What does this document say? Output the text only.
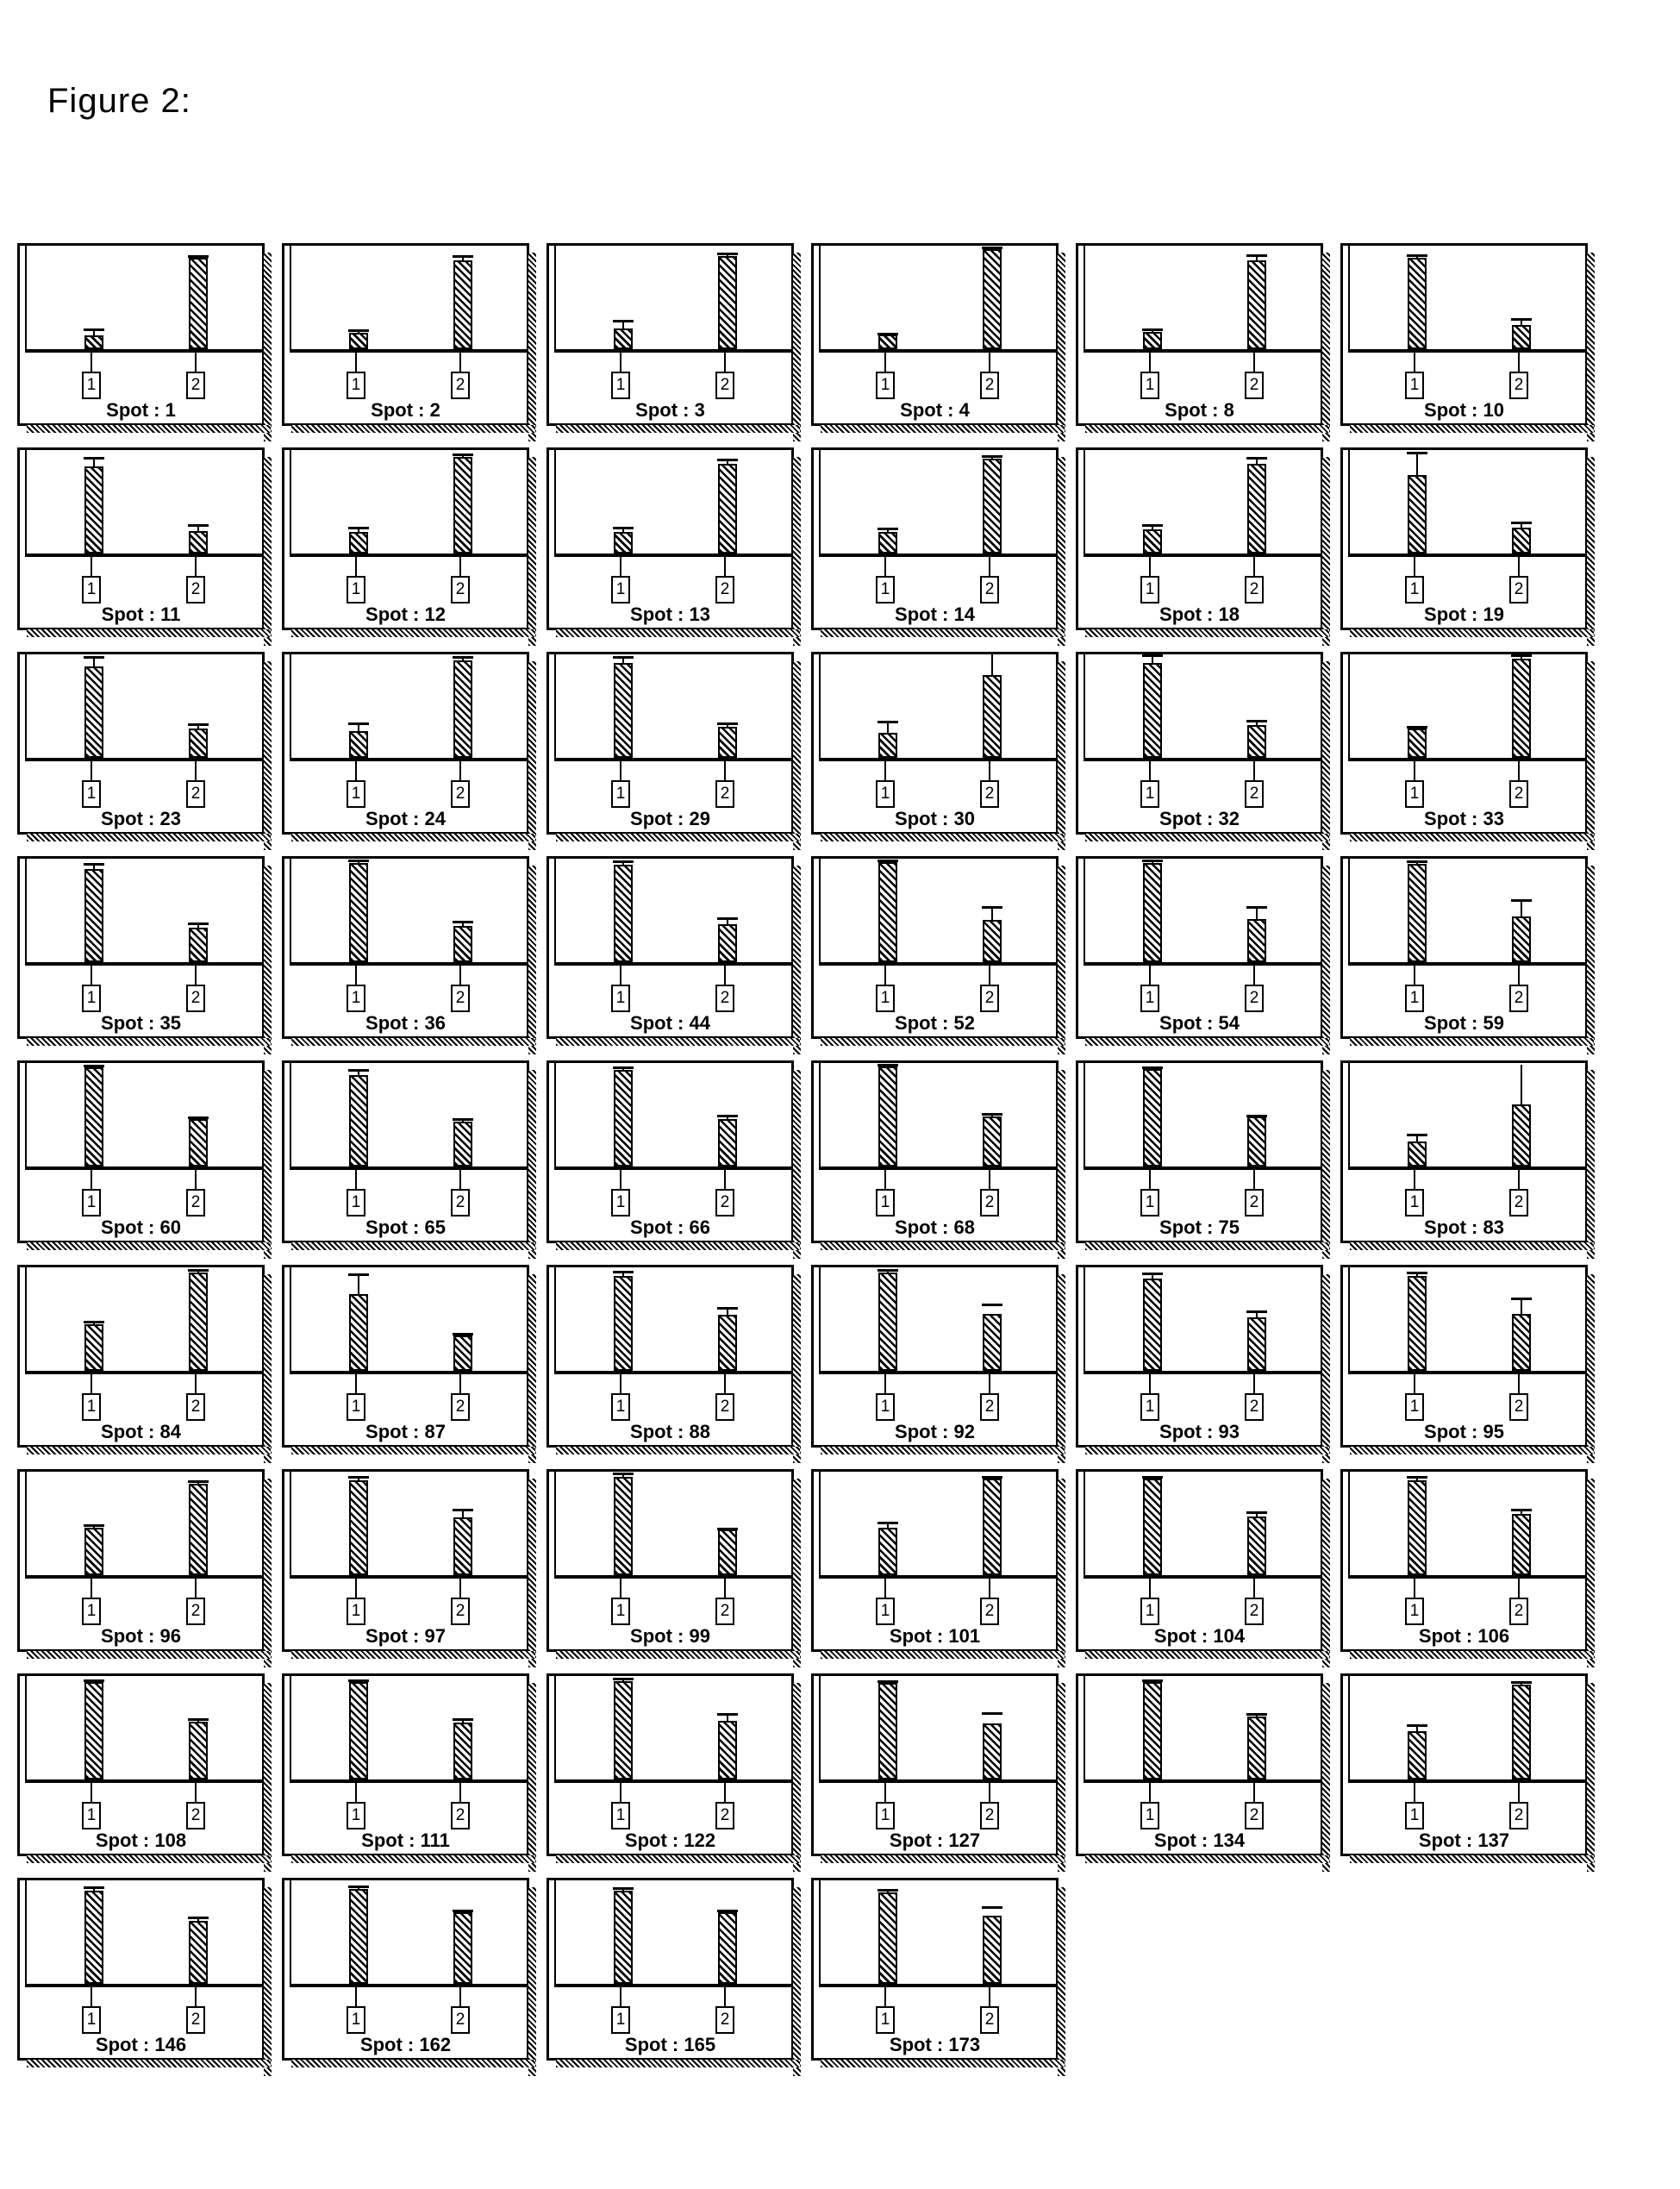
Figure 2:
1	2
Spot : 1
1	2
Spot : 2
1	2
Spot : 3
1	2
Spot : 4
1	2
Spot : 8
1	2
Spot : 10
1	2
Spot : 11
1	2
Spot : 12
1	2
Spot : 13
1	2
Spot : 14
1	2
Spot : 18
1	2
Spot : 19
1	2
Spot : 23
1	2
Spot : 24
1	2
Spot : 29
1	2
Spot : 30
1	2
Spot : 32
1	2
Spot : 33
1	2
Spot : 35
1	2
Spot : 36
1	2
Spot : 44
1	2
Spot : 52
1	2
Spot : 54
1	2
Spot : 59
1	2
Spot : 60
1	2
Spot : 65
1	2
Spot : 66
1	2
Spot : 68
1	2
Spot : 75
1	2
Spot : 83
1	2
Spot : 84
1	2
Spot : 87
1	2
Spot : 88
1	2
Spot : 92
1	2
Spot : 93
1	2
Spot : 95
1	2
Spot : 96
1	2
Spot : 97
1	2
Spot : 99
1	2
Spot : 101
1	2
Spot : 104
1	2
Spot : 106
1	2
Spot : 108
1	2
Spot : 111
1	2
Spot : 122
1	2
Spot : 127
1	2
Spot : 134
1	2
Spot : 137
1	2
Spot : 146
1	2
Spot : 162
1	2
Spot : 165
1	2
Spot : 173
